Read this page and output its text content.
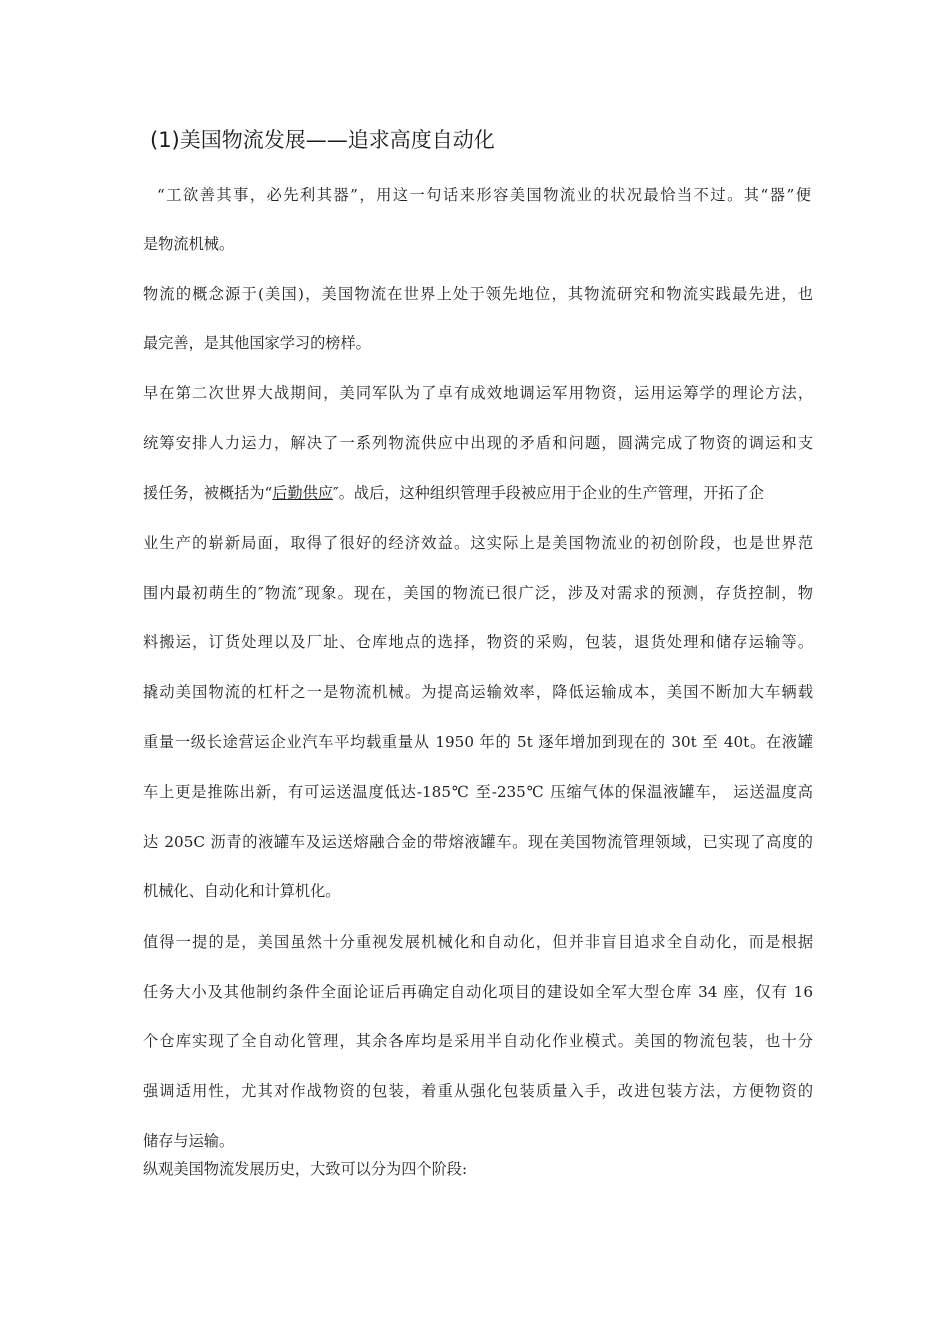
(1)美国物流发展——追求高度自动化

“工欲善其事，必先利其器”，用这一句话来形容美国物流业的状况最恰当不过。其“器”便

是物流机械。

物流的概念源于(美国)，美国物流在世界上处于领先地位，其物流研究和物流实践最先进，也

最完善，是其他国家学习的榜样。

早在第二次世界大战期间，美同军队为了卓有成效地调运军用物资，运用运筹学的理论方法，

统筹安排人力运力，解决了一系列物流供应中出现的矛盾和问题，圆满完成了物资的调运和支

援任务，被概括为“后勤供应″。战后，这种组织管理手段被应用于企业的生产管理，开拓了企

业生产的崭新局面，取得了很好的经济效益。这实际上是美国物流业的初创阶段，也是世界范

围内最初萌生的″物流″现象。现在，美国的物流已很广泛，涉及对需求的预测，存货控制，物

料搬运，订货处理以及厂址、仓库地点的选择，物资的采购，包装，退货处理和储存运输等。

撬动美国物流的杠杆之一是物流机械。为提高运输效率，降低运输成本，美国不断加大车辆载

重量一级长途营运企业汽车平均载重量从 1950 年的 5t 逐年增加到现在的 30t 至 40t。在液罐

车上更是推陈出新，有可运送温度低达-185℃ 至-235℃ 压缩气体的保温液罐车， 运送温度高

达 205C 沥青的液罐车及运送熔融合金的带熔液罐车。现在美国物流管理领域，已实现了高度的

机械化、自动化和计算机化。

值得一提的是，美国虽然十分重视发展机械化和自动化，但并非盲目追求全自动化，而是根据

任务大小及其他制约条件全面论证后再确定自动化项目的建设如全军大型仓库 34 座，仅有 16

个仓库实现了全自动化管理，其余各库均是采用半自动化作业模式。美国的物流包装，也十分

强调适用性，尤其对作战物资的包装，着重从强化包装质量入手，改进包装方法，方便物资的

储存与运输。

纵观美国物流发展历史，大致可以分为四个阶段:
